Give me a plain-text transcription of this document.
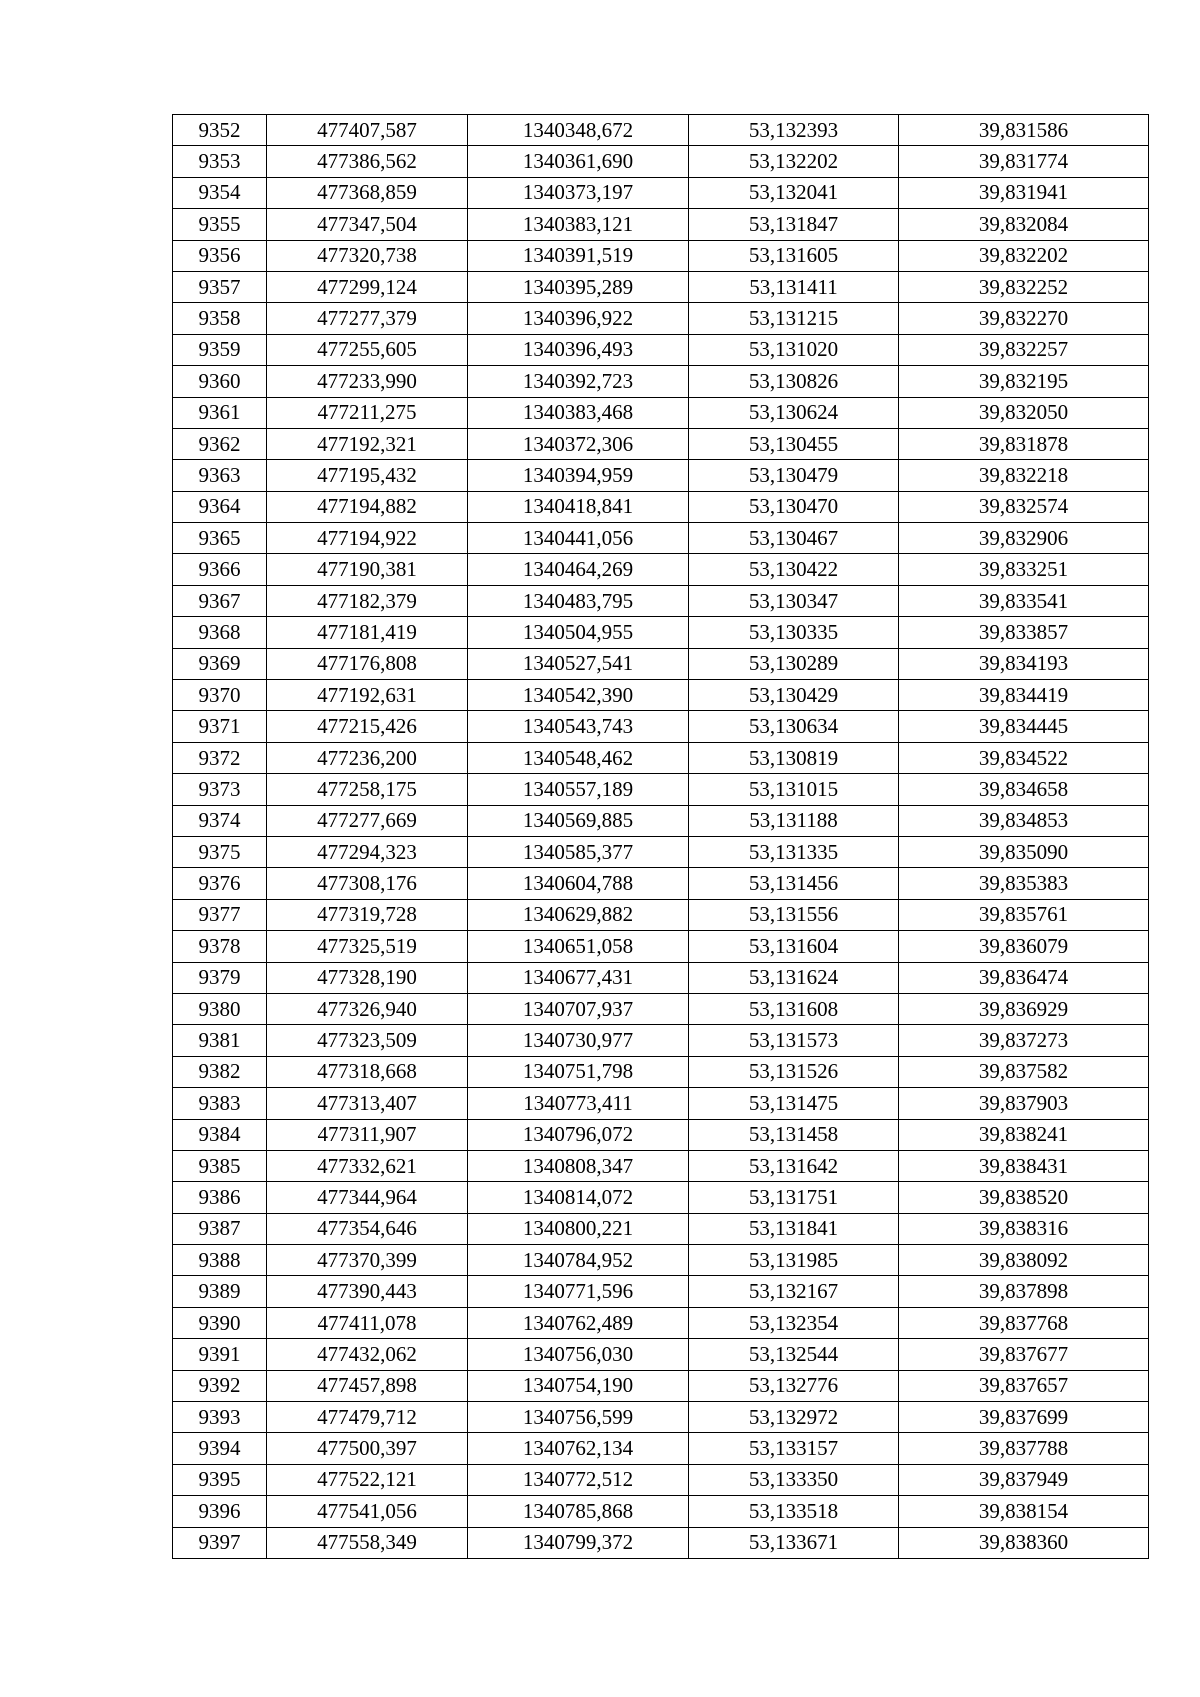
9352	477407,587	1340348,672	53,132393	39,831586
9353	477386,562	1340361,690	53,132202	39,831774
9354	477368,859	1340373,197	53,132041	39,831941
9355	477347,504	1340383,121	53,131847	39,832084
9356	477320,738	1340391,519	53,131605	39,832202
9357	477299,124	1340395,289	53,131411	39,832252
9358	477277,379	1340396,922	53,131215	39,832270
9359	477255,605	1340396,493	53,131020	39,832257
9360	477233,990	1340392,723	53,130826	39,832195
9361	477211,275	1340383,468	53,130624	39,832050
9362	477192,321	1340372,306	53,130455	39,831878
9363	477195,432	1340394,959	53,130479	39,832218
9364	477194,882	1340418,841	53,130470	39,832574
9365	477194,922	1340441,056	53,130467	39,832906
9366	477190,381	1340464,269	53,130422	39,833251
9367	477182,379	1340483,795	53,130347	39,833541
9368	477181,419	1340504,955	53,130335	39,833857
9369	477176,808	1340527,541	53,130289	39,834193
9370	477192,631	1340542,390	53,130429	39,834419
9371	477215,426	1340543,743	53,130634	39,834445
9372	477236,200	1340548,462	53,130819	39,834522
9373	477258,175	1340557,189	53,131015	39,834658
9374	477277,669	1340569,885	53,131188	39,834853
9375	477294,323	1340585,377	53,131335	39,835090
9376	477308,176	1340604,788	53,131456	39,835383
9377	477319,728	1340629,882	53,131556	39,835761
9378	477325,519	1340651,058	53,131604	39,836079
9379	477328,190	1340677,431	53,131624	39,836474
9380	477326,940	1340707,937	53,131608	39,836929
9381	477323,509	1340730,977	53,131573	39,837273
9382	477318,668	1340751,798	53,131526	39,837582
9383	477313,407	1340773,411	53,131475	39,837903
9384	477311,907	1340796,072	53,131458	39,838241
9385	477332,621	1340808,347	53,131642	39,838431
9386	477344,964	1340814,072	53,131751	39,838520
9387	477354,646	1340800,221	53,131841	39,838316
9388	477370,399	1340784,952	53,131985	39,838092
9389	477390,443	1340771,596	53,132167	39,837898
9390	477411,078	1340762,489	53,132354	39,837768
9391	477432,062	1340756,030	53,132544	39,837677
9392	477457,898	1340754,190	53,132776	39,837657
9393	477479,712	1340756,599	53,132972	39,837699
9394	477500,397	1340762,134	53,133157	39,837788
9395	477522,121	1340772,512	53,133350	39,837949
9396	477541,056	1340785,868	53,133518	39,838154
9397	477558,349	1340799,372	53,133671	39,838360
